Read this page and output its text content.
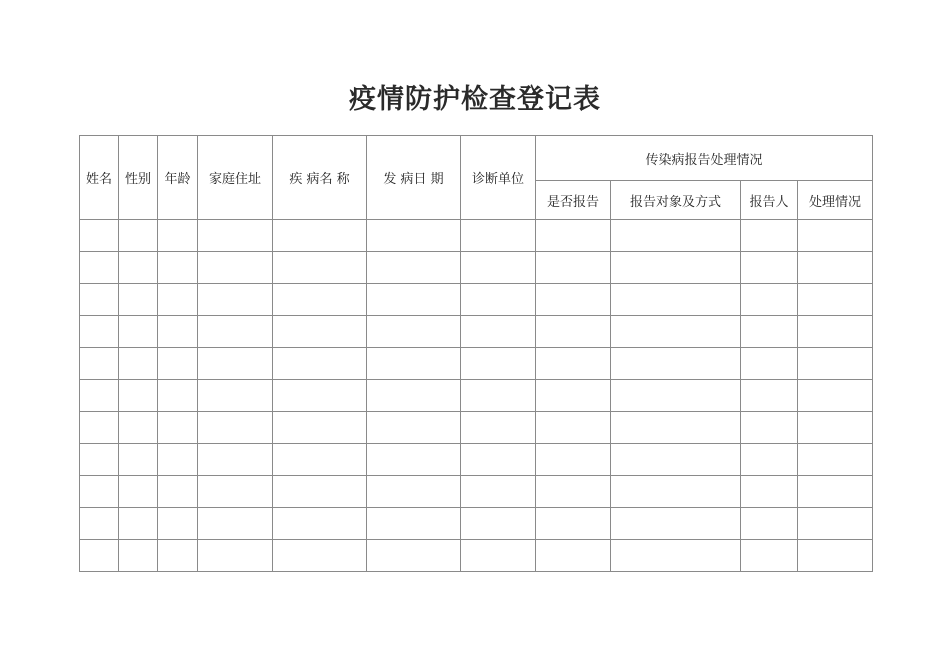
疫情防护检查登记表
姓名	性别	年龄	家庭住址	疾 病名 称	发 病日 期	诊断单位	传染病报告处理情况			
							是否报告	报告对象及方式	报告人	处理情况
